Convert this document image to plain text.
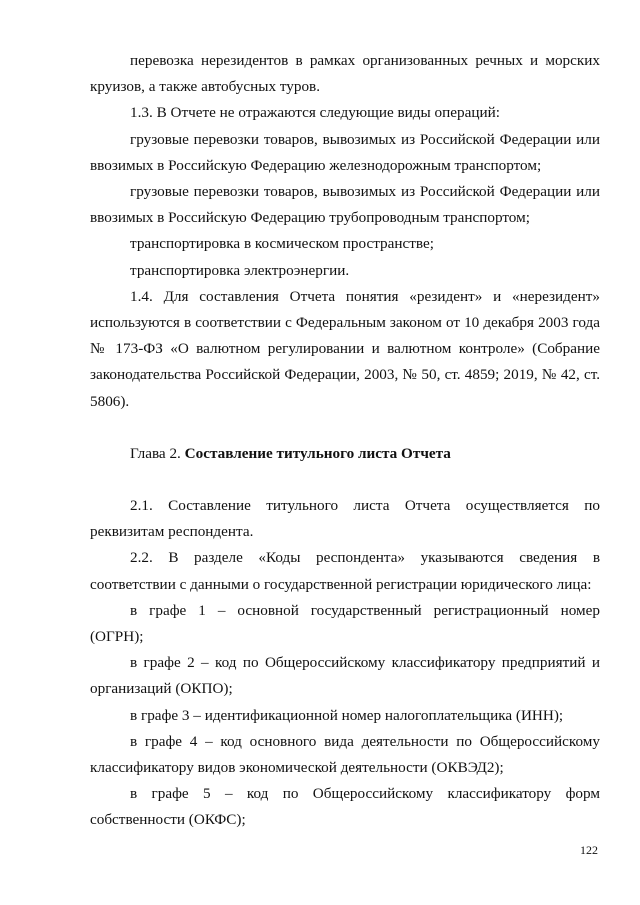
перевозка нерезидентов в рамках организованных речных и морских круизов, а также автобусных туров.

1.3. В Отчете не отражаются следующие виды операций:

грузовые перевозки товаров, вывозимых из Российской Федерации или ввозимых в Российскую Федерацию железнодорожным транспортом;

грузовые перевозки товаров, вывозимых из Российской Федерации или ввозимых в Российскую Федерацию трубопроводным транспортом;

транспортировка в космическом пространстве;

транспортировка электроэнергии.

1.4. Для составления Отчета понятия «резидент» и «нерезидент» используются в соответствии с Федеральным законом от 10 декабря 2003 года № 173-ФЗ «О валютном регулировании и валютном контроле» (Собрание законодательства Российской Федерации, 2003, № 50, ст. 4859; 2019, № 42, ст. 5806).

Глава 2. Составление титульного листа Отчета

2.1. Составление титульного листа Отчета осуществляется по реквизитам респондента.

2.2. В разделе «Коды респондента» указываются сведения в соответствии с данными о государственной регистрации юридического лица:

в графе 1 – основной государственный регистрационный номер (ОГРН);

в графе 2 – код по Общероссийскому классификатору предприятий и организаций (ОКПО);

в графе 3 – идентификационной номер налогоплательщика (ИНН);

в графе 4 – код основного вида деятельности по Общероссийскому классификатору видов экономической деятельности (ОКВЭД2);

в графе 5 – код по Общероссийскому классификатору форм собственности (ОКФС);

122
